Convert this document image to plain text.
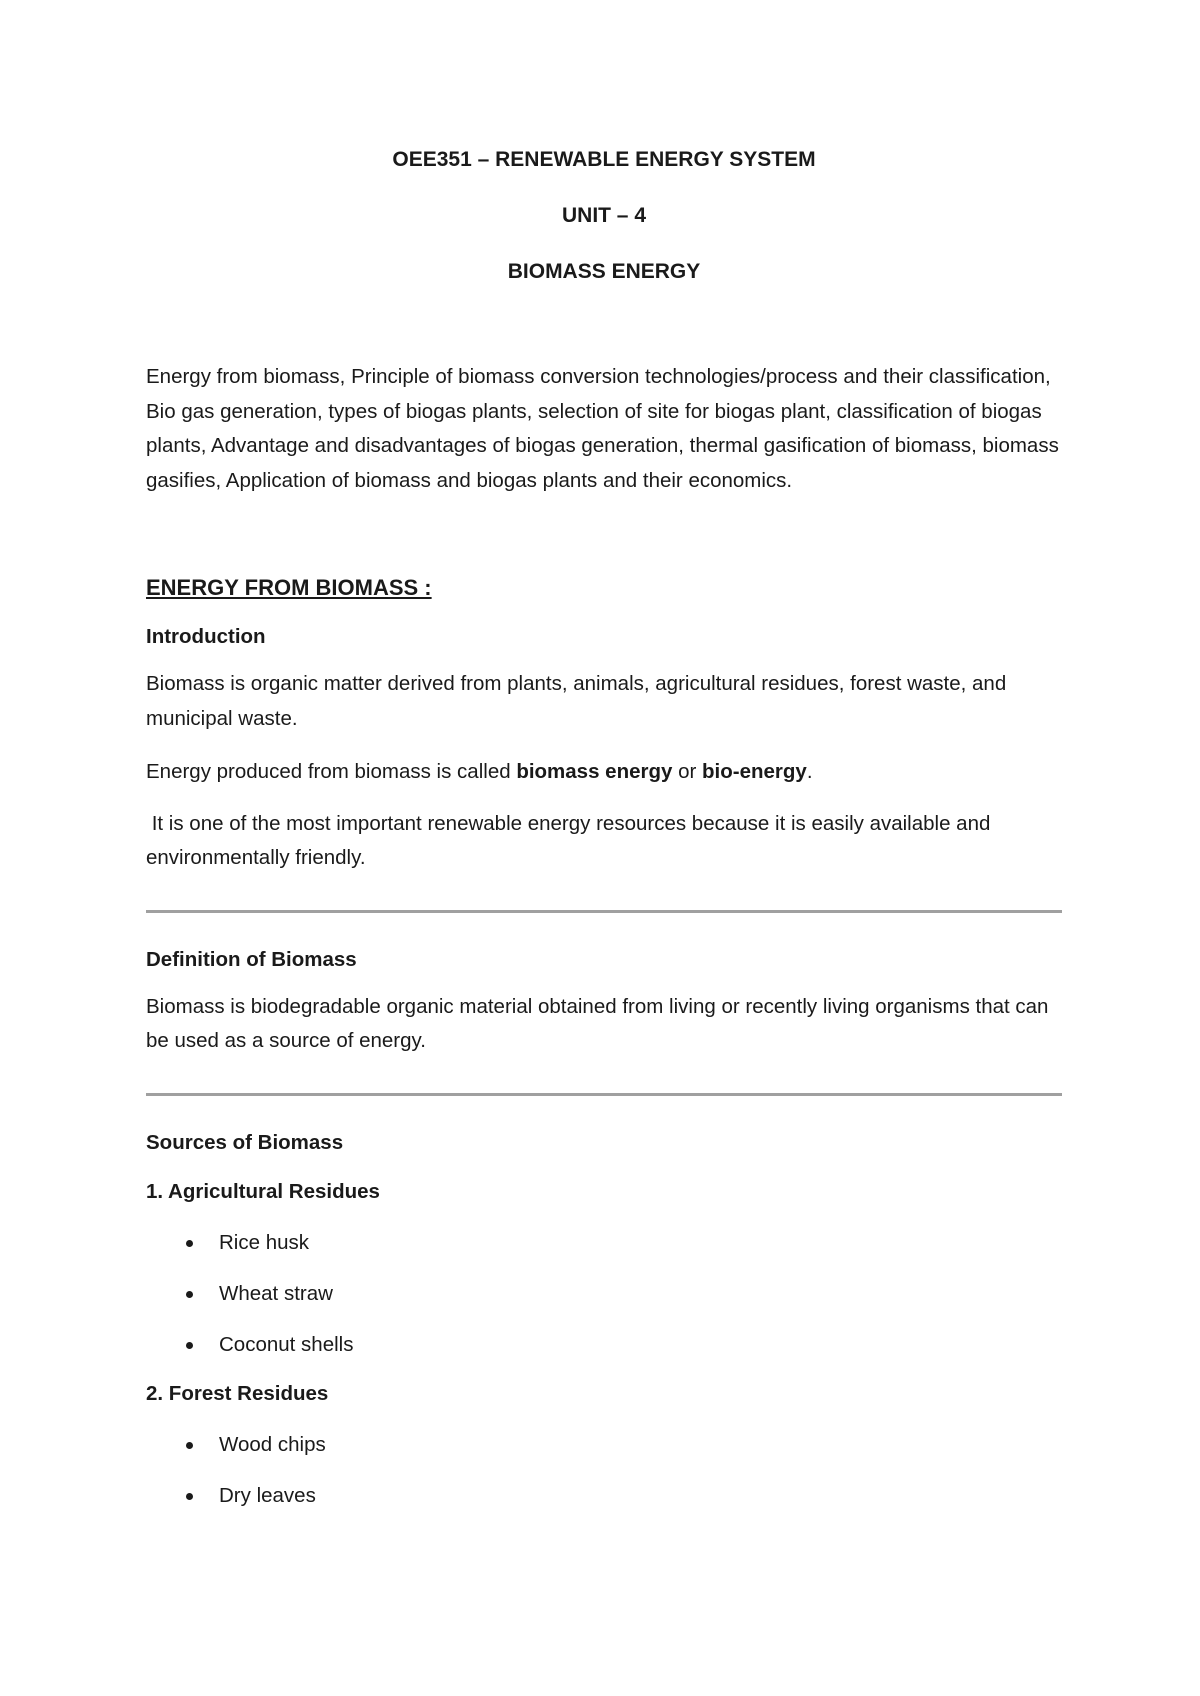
OEE351 – RENEWABLE ENERGY SYSTEM

UNIT – 4

BIOMASS ENERGY

Energy from biomass, Principle of biomass conversion technologies/process and their classification, Bio gas generation, types of biogas plants, selection of site for biogas plant, classification of biogas plants, Advantage and disadvantages of biogas generation, thermal gasification of biomass, biomass gasifies, Application of biomass and biogas plants and their economics.

ENERGY FROM BIOMASS :

Introduction

Biomass is organic matter derived from plants, animals, agricultural residues, forest waste, and municipal waste.

Energy produced from biomass is called biomass energy or bio-energy.

It is one of the most important renewable energy resources because it is easily available and environmentally friendly.

Definition of Biomass

Biomass is biodegradable organic material obtained from living or recently living organisms that can be used as a source of energy.

Sources of Biomass

1. Agricultural Residues

Rice husk
Wheat straw
Coconut shells

2. Forest Residues

Wood chips
Dry leaves
